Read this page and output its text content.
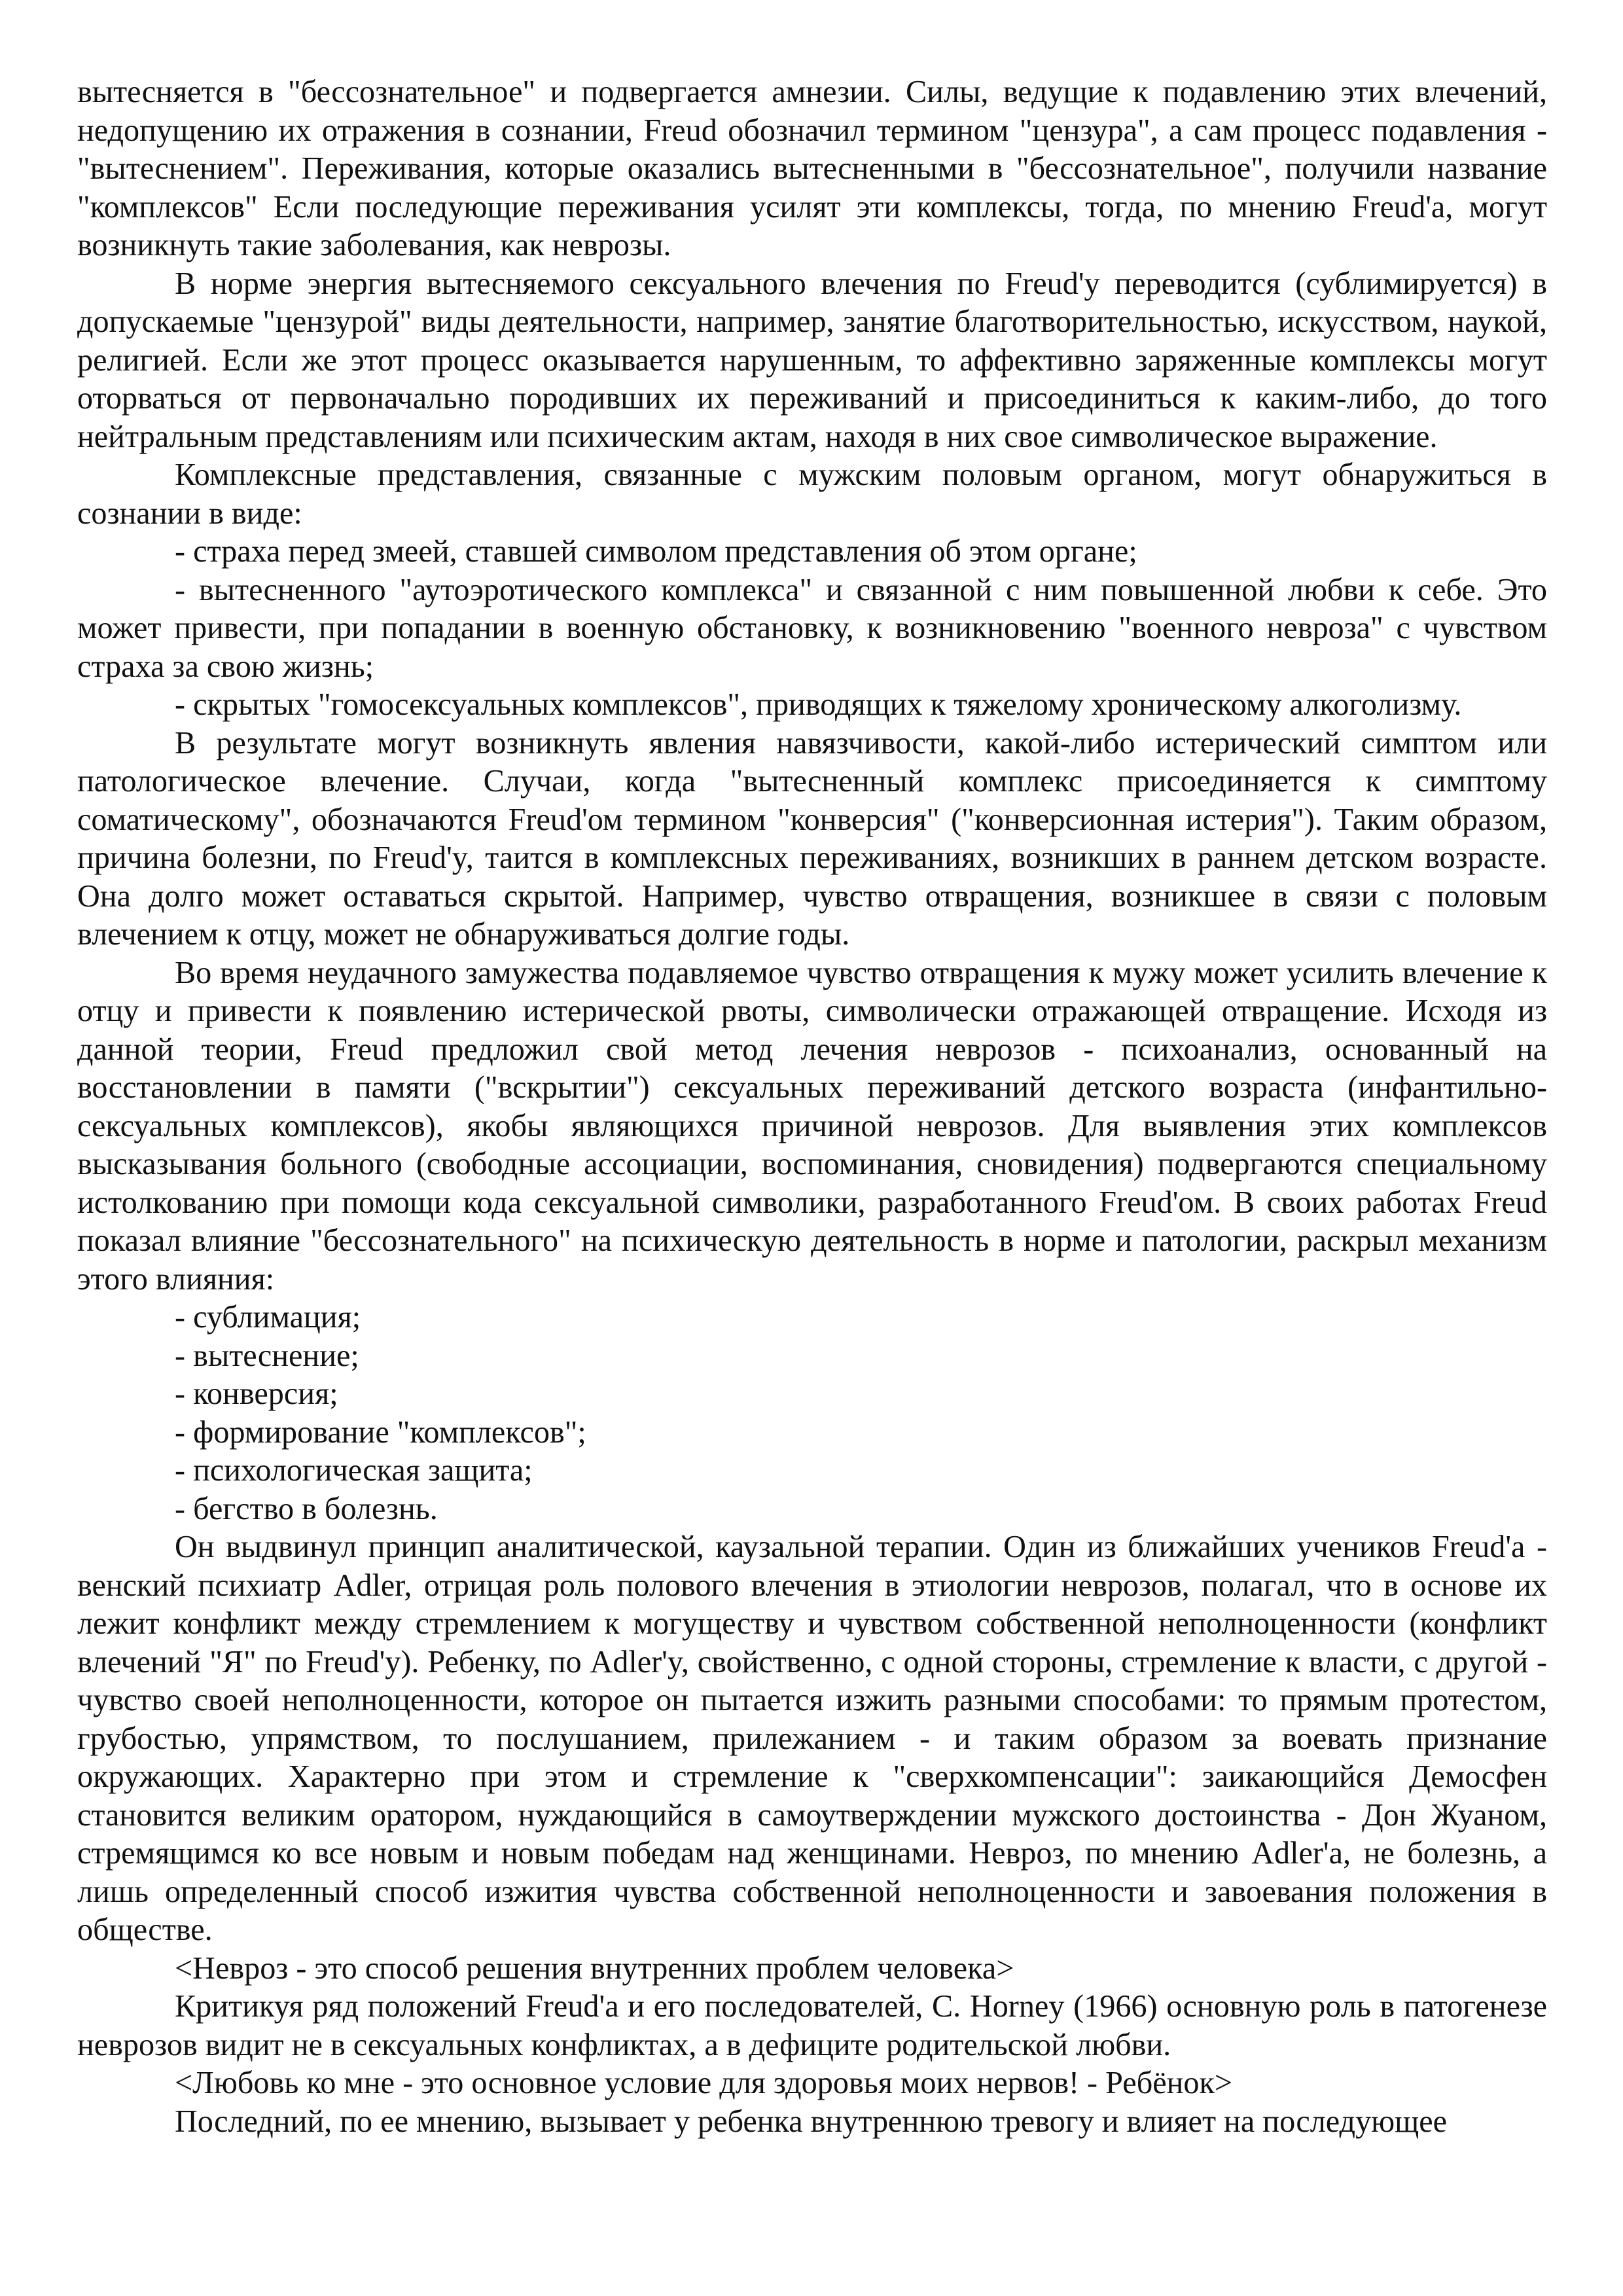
вытесняется в "бессознательное" и подвергается амнезии. Силы, ведущие к подавлению этих влечений, недопущению их отражения в сознании, Freud обозначил термином "цензура", а сам процесс подавления - "вытеснением". Переживания, которые оказались вытесненными в "бессознательное", получили название "комплексов" Если последующие переживания усилят эти комплексы, тогда, по мнению Freud'a, могут возникнуть такие заболевания, как неврозы.

В норме энергия вытесняемого сексуального влечения по Freud'y переводится (сублимируется) в допускаемые "цензурой" виды деятельности, например, занятие благотворительностью, искусством, наукой, религией. Если же этот процесс оказывается нарушенным, то аффективно заряженные комплексы могут оторваться от первоначально породивших их переживаний и присоединиться к каким-либо, до того нейтральным представлениям или психическим актам, находя в них свое символическое выражение.

Комплексные представления, связанные с мужским половым органом, могут обнаружиться в сознании в виде:

- страха перед змеей, ставшей символом представления об этом органе;

- вытесненного "аутоэротического комплекса" и связанной с ним повышенной любви к себе. Это может привести, при попадании в военную обстановку, к возникновению "военного невроза" с чувством страха за свою жизнь;

- скрытых "гомосексуальных комплексов", приводящих к тяжелому хроническому алкоголизму.

В результате могут возникнуть явления навязчивости, какой-либо истерический симптом или патологическое влечение. Случаи, когда "вытесненный комплекс присоединяется к симптому соматическому", обозначаются Freud'ом термином "конверсия" ("конверсионная истерия"). Таким образом, причина болезни, по Freud'y, таится в комплексных переживаниях, возникших в раннем детском возрасте. Она долго может оставаться скрытой. Например, чувство отвращения, возникшее в связи с половым влечением к отцу, может не обнаруживаться долгие годы.

Во время неудачного замужества подавляемое чувство отвращения к мужу может усилить влечение к отцу и привести к появлению истерической рвоты, символически отражающей отвращение. Исходя из данной теории, Freud предложил свой метод лечения неврозов - психоанализ, основанный на восстановлении в памяти ("вскрытии") сексуальных переживаний детского возраста (инфантильно-сексуальных комплексов), якобы являющихся причиной неврозов. Для выявления этих комплексов высказывания больного (свободные ассоциации, воспоминания, сновидения) подвергаются специальному истолкованию при помощи кода сексуальной символики, разработанного Freud'ом. В своих работах Freud показал влияние "бессознательного" на психическую деятельность в норме и патологии, раскрыл механизм этого влияния:

- сублимация;

- вытеснение;

- конверсия;

- формирование "комплексов";

- психологическая защита;

- бегство в болезнь.

Он выдвинул принцип аналитической, каузальной терапии. Один из ближайших учеников Freud'a - венский психиатр Adler, отрицая роль полового влечения в этиологии неврозов, полагал, что в основе их лежит конфликт между стремлением к могуществу и чувством собственной неполноценности (конфликт влечений "Я" по Freud'y). Ребенку, по Adler'y, свойственно, с одной стороны, стремление к власти, с другой - чувство своей неполноценности, которое он пытается изжить разными способами: то прямым протестом, грубостью, упрямством, то послушанием, прилежанием - и таким образом за воевать признание окружающих. Характерно при этом и стремление к "сверхкомпенсации": заикающийся Демосфен становится великим оратором, нуждающийся в самоутверждении мужского достоинства - Дон Жуаном, стремящимся ко все новым и новым победам над женщинами. Невроз, по мнению Adler'a, не болезнь, а лишь определенный способ изжития чувства собственной неполноценности и завоевания положения в обществе.

<Невроз - это способ решения внутренних проблем человека>

Критикуя ряд положений Freud'a и его последователей, С. Horney (1966) основную роль в патогенезе неврозов видит не в сексуальных конфликтах, а в дефиците родительской любви.

<Любовь ко мне - это основное условие для здоровья моих нервов! - Ребёнок>

Последний, по ее мнению, вызывает у ребенка внутреннюю тревогу и влияет на последующее
